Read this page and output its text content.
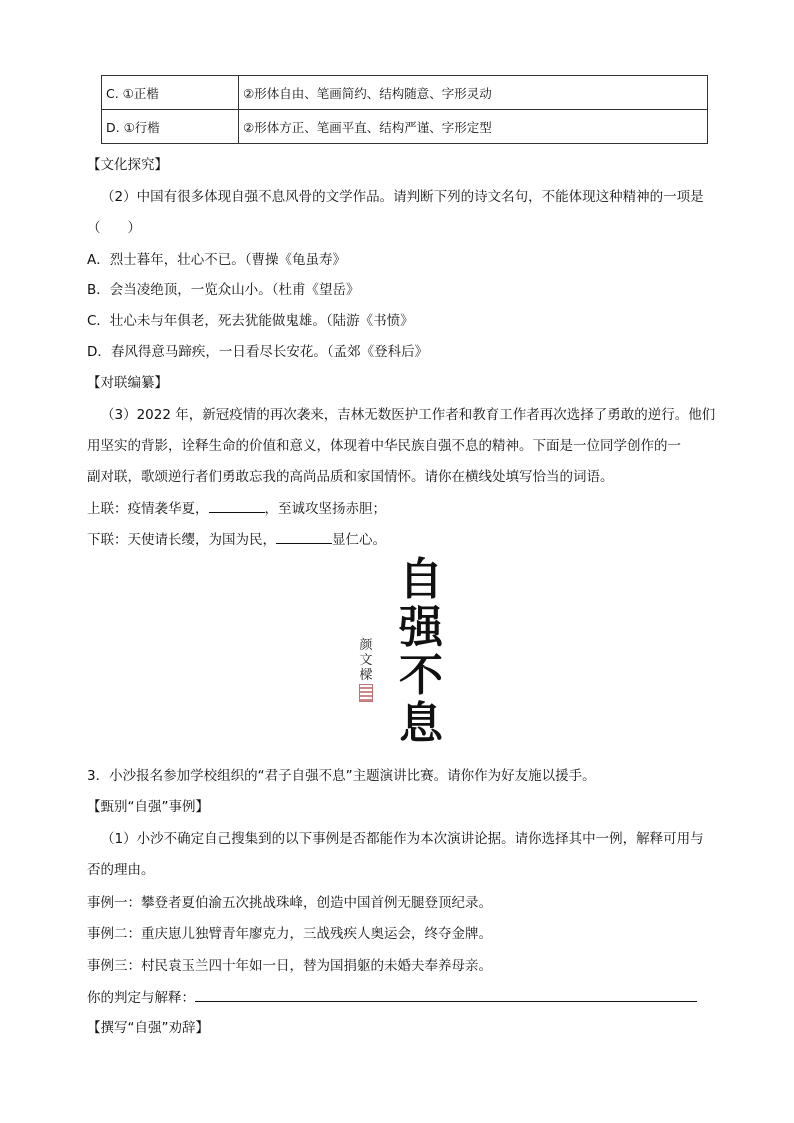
C. ①正楷	②形体自由、笔画简约、结构随意、字形灵动
D. ①行楷	②形体方正、笔画平直、结构严谨、字形定型
【文化探究】
（2）中国有很多体现自强不息风骨的文学作品。请判断下列的诗文名句，不能体现这种精神的一项是
（　　）
A．烈士暮年，壮心不已。（曹操《龟虽寿》
B．会当凌绝顶，一览众山小。（杜甫《望岳》
C．壮心未与年俱老，死去犹能做鬼雄。（陆游《书愤》
D．春风得意马蹄疾，一日看尽长安花。（孟郊《登科后》
【对联编纂】
（3）2022 年，新冠疫情的再次袭来，吉林无数医护工作者和教育工作者再次选择了勇敢的逆行。他们
用坚实的背影，诠释生命的价值和意义，体现着中华民族自强不息的精神。下面是一位同学创作的一
副对联，歌颂逆行者们勇敢忘我的高尚品质和家国情怀。请你在横线处填写恰当的词语。
上联：疫情袭华夏，	，至诚攻坚扬赤胆；
下联：天使请长缨，为国为民，	显仁心。
自
强
不
息
颜
文
樑
3．小沙报名参加学校组织的“君子自强不息”主题演讲比赛。请你作为好友施以援手。
【甄别“自强”事例】
（1）小沙不确定自己搜集到的以下事例是否都能作为本次演讲论据。请你选择其中一例，解释可用与
否的理由。
事例一：攀登者夏伯渝五次挑战珠峰，创造中国首例无腿登顶纪录。
事例二：重庆崽儿独臂青年廖克力，三战残疾人奥运会，终夺金牌。
事例三：村民袁玉兰四十年如一日，替为国捐躯的未婚夫奉养母亲。
你的判定与解释：
【撰写“自强”劝辞】
